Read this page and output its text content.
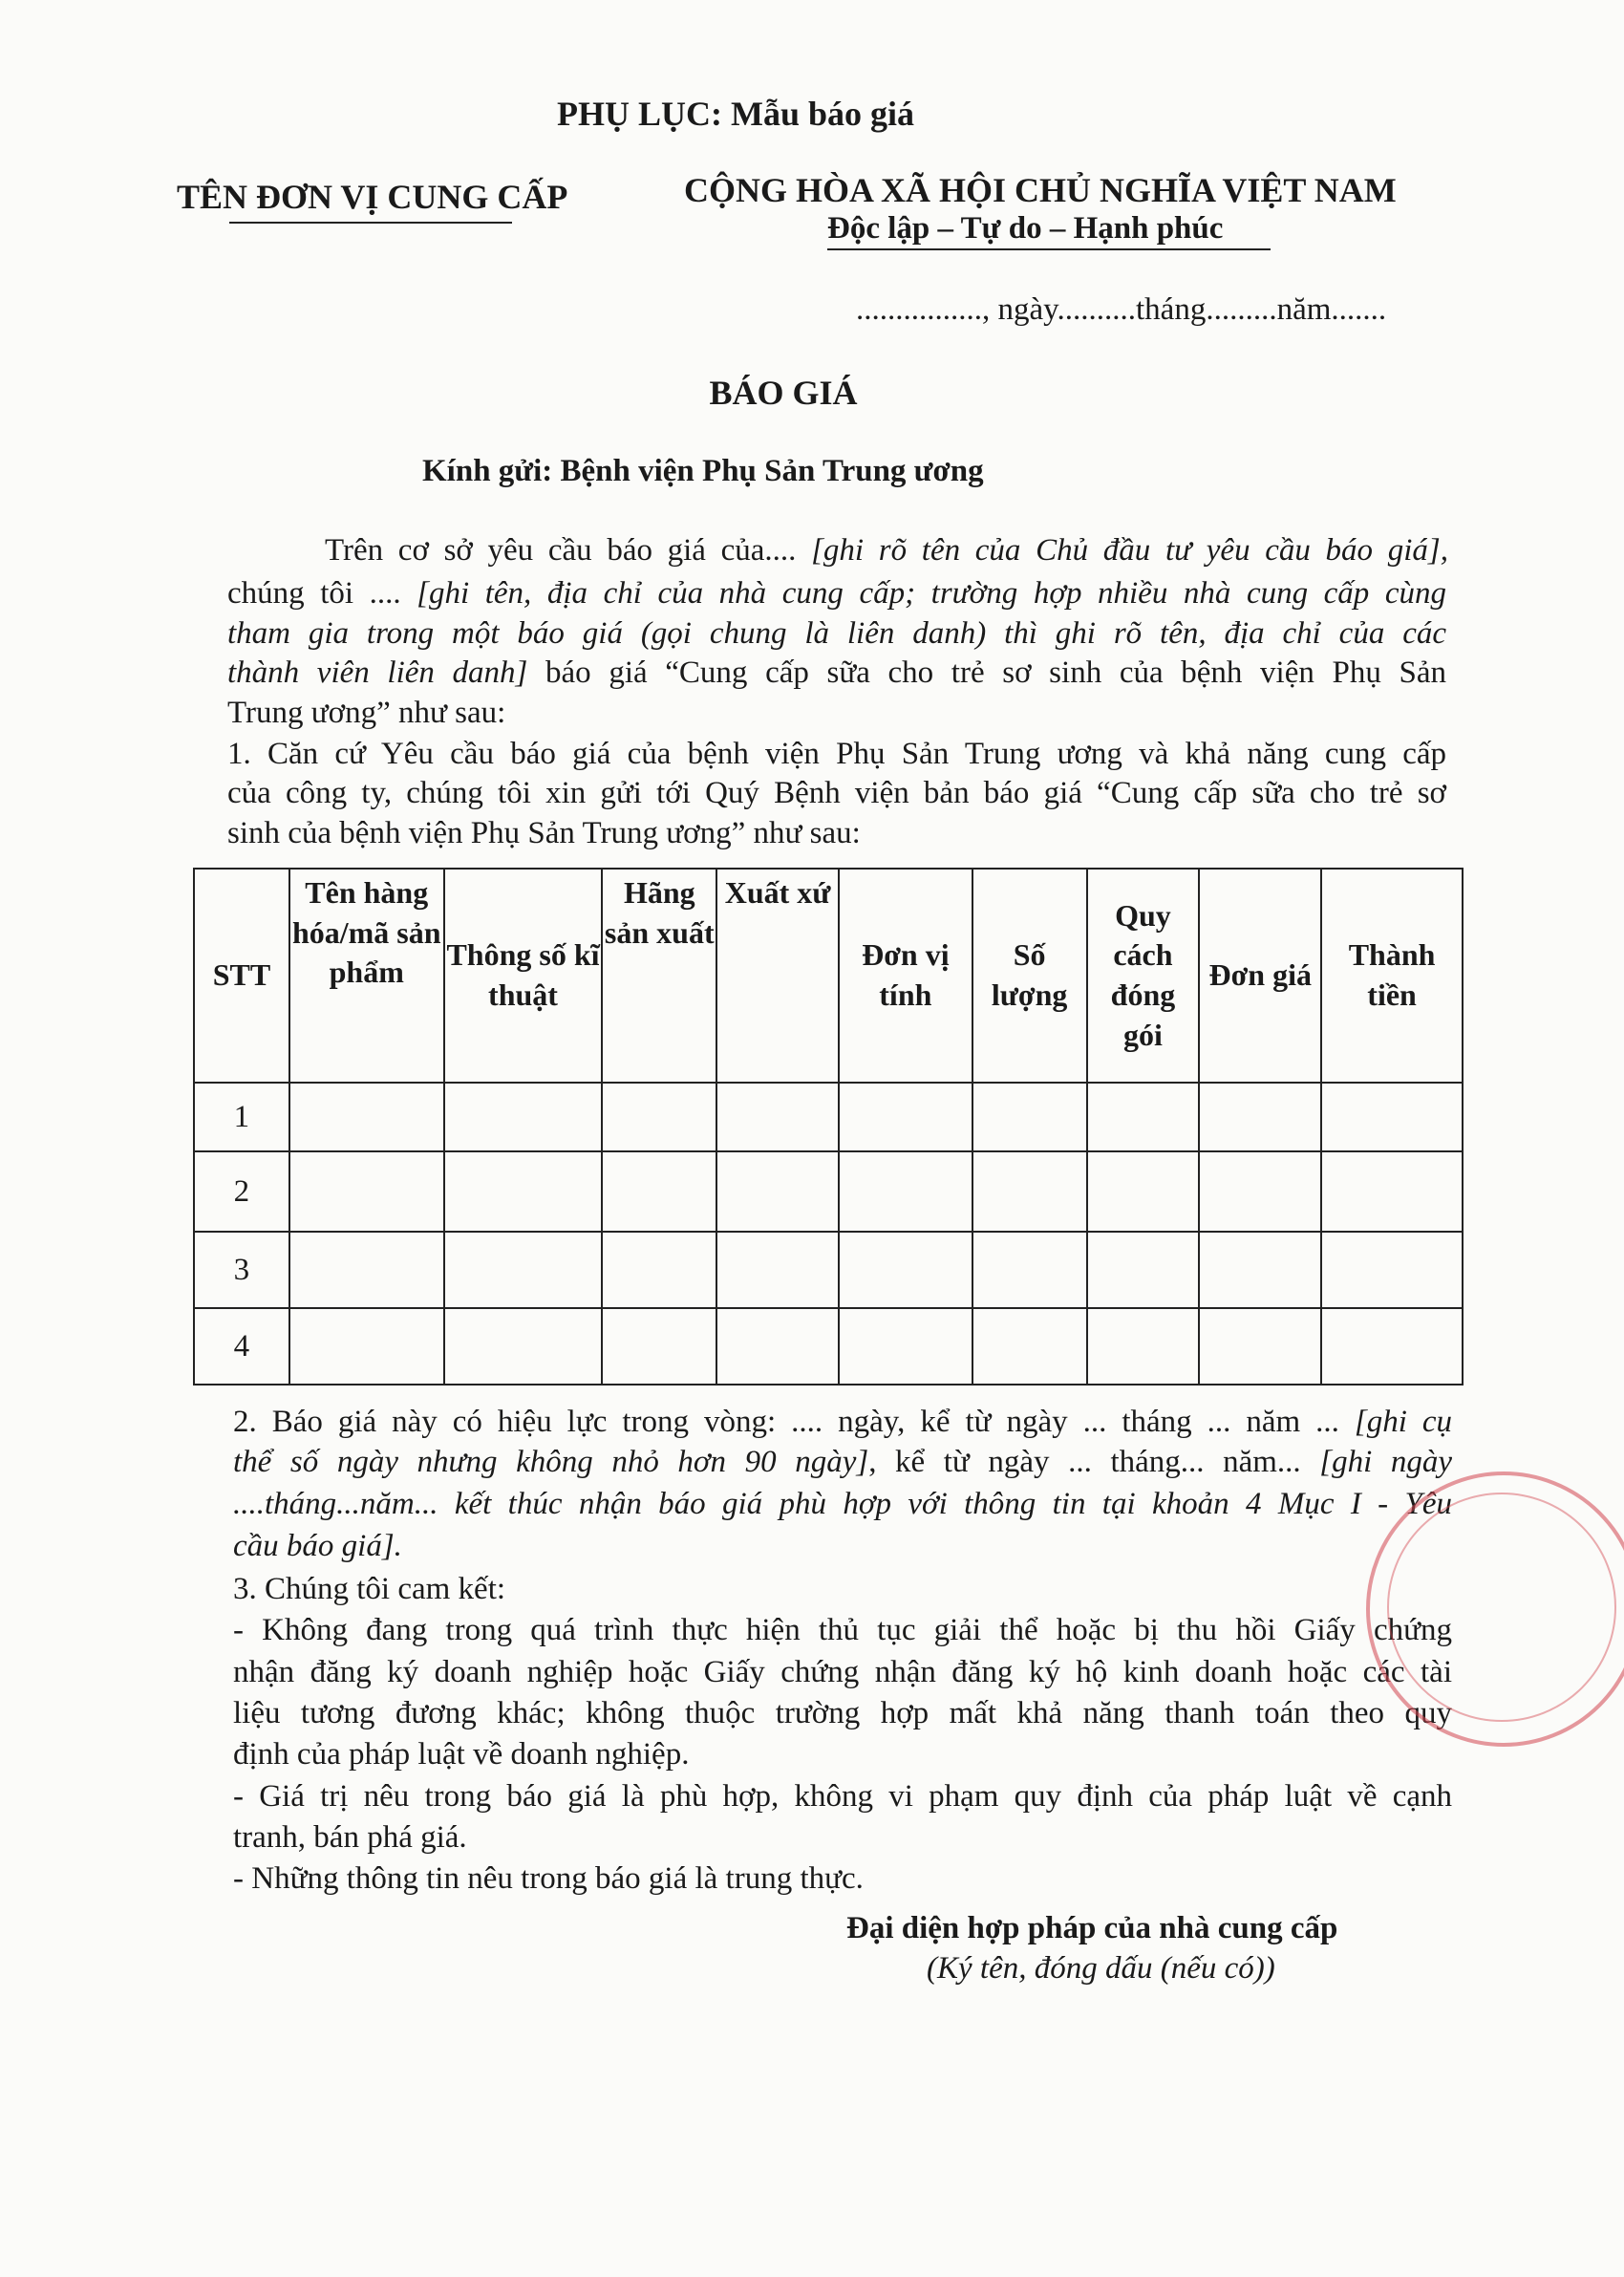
PHỤ LỤC: Mẫu báo giá
TÊN ĐƠN VỊ CUNG CẤP	CỘNG HÒA XÃ HỘI CHỦ NGHĨA VIỆT NAM
Độc lập – Tự do – Hạnh phúc
................, ngày..........tháng.........năm.......
BÁO GIÁ
Kính gửi: Bệnh viện Phụ Sản Trung ương
Trên cơ sở yêu cầu báo giá của.... [ghi rõ tên của Chủ đầu tư yêu cầu báo giá],
chúng tôi .... [ghi tên, địa chỉ của nhà cung cấp; trường hợp nhiều nhà cung cấp cùng
tham gia trong một báo giá (gọi chung là liên danh) thì ghi rõ tên, địa chỉ của các
thành viên liên danh] báo giá “Cung cấp sữa cho trẻ sơ sinh của bệnh viện Phụ Sản
Trung ương” như sau:
1. Căn cứ Yêu cầu báo giá của bệnh viện Phụ Sản Trung ương và khả năng cung cấp
của công ty, chúng tôi xin gửi tới Quý Bệnh viện bản báo giá “Cung cấp sữa cho trẻ sơ
sinh của bệnh viện Phụ Sản Trung ương” như sau:
STT	Tên hàng hóa/mã sản phẩm	Thông số kĩ thuật	Hãng sản xuất	Xuất xứ	Đơn vị tính	Số lượng	Quy cách đóng gói	Đơn giá	Thành tiền
1									
2									
3									
4									
2. Báo giá này có hiệu lực trong vòng: .... ngày, kể từ ngày ... tháng ... năm ... [ghi cụ
thể số ngày nhưng không nhỏ hơn 90 ngày], kể từ ngày ... tháng... năm... [ghi ngày
....tháng...năm... kết thúc nhận báo giá phù hợp với thông tin tại khoản 4 Mục I - Yêu
cầu báo giá].
3. Chúng tôi cam kết:
- Không đang trong quá trình thực hiện thủ tục giải thể hoặc bị thu hồi Giấy chứng
nhận đăng ký doanh nghiệp hoặc Giấy chứng nhận đăng ký hộ kinh doanh hoặc các tài
liệu tương đương khác; không thuộc trường hợp mất khả năng thanh toán theo quy
định của pháp luật về doanh nghiệp.
- Giá trị nêu trong báo giá là phù hợp, không vi phạm quy định của pháp luật về cạnh
tranh, bán phá giá.
- Những thông tin nêu trong báo giá là trung thực.
Đại diện hợp pháp của nhà cung cấp
(Ký tên, đóng dấu (nếu có))
